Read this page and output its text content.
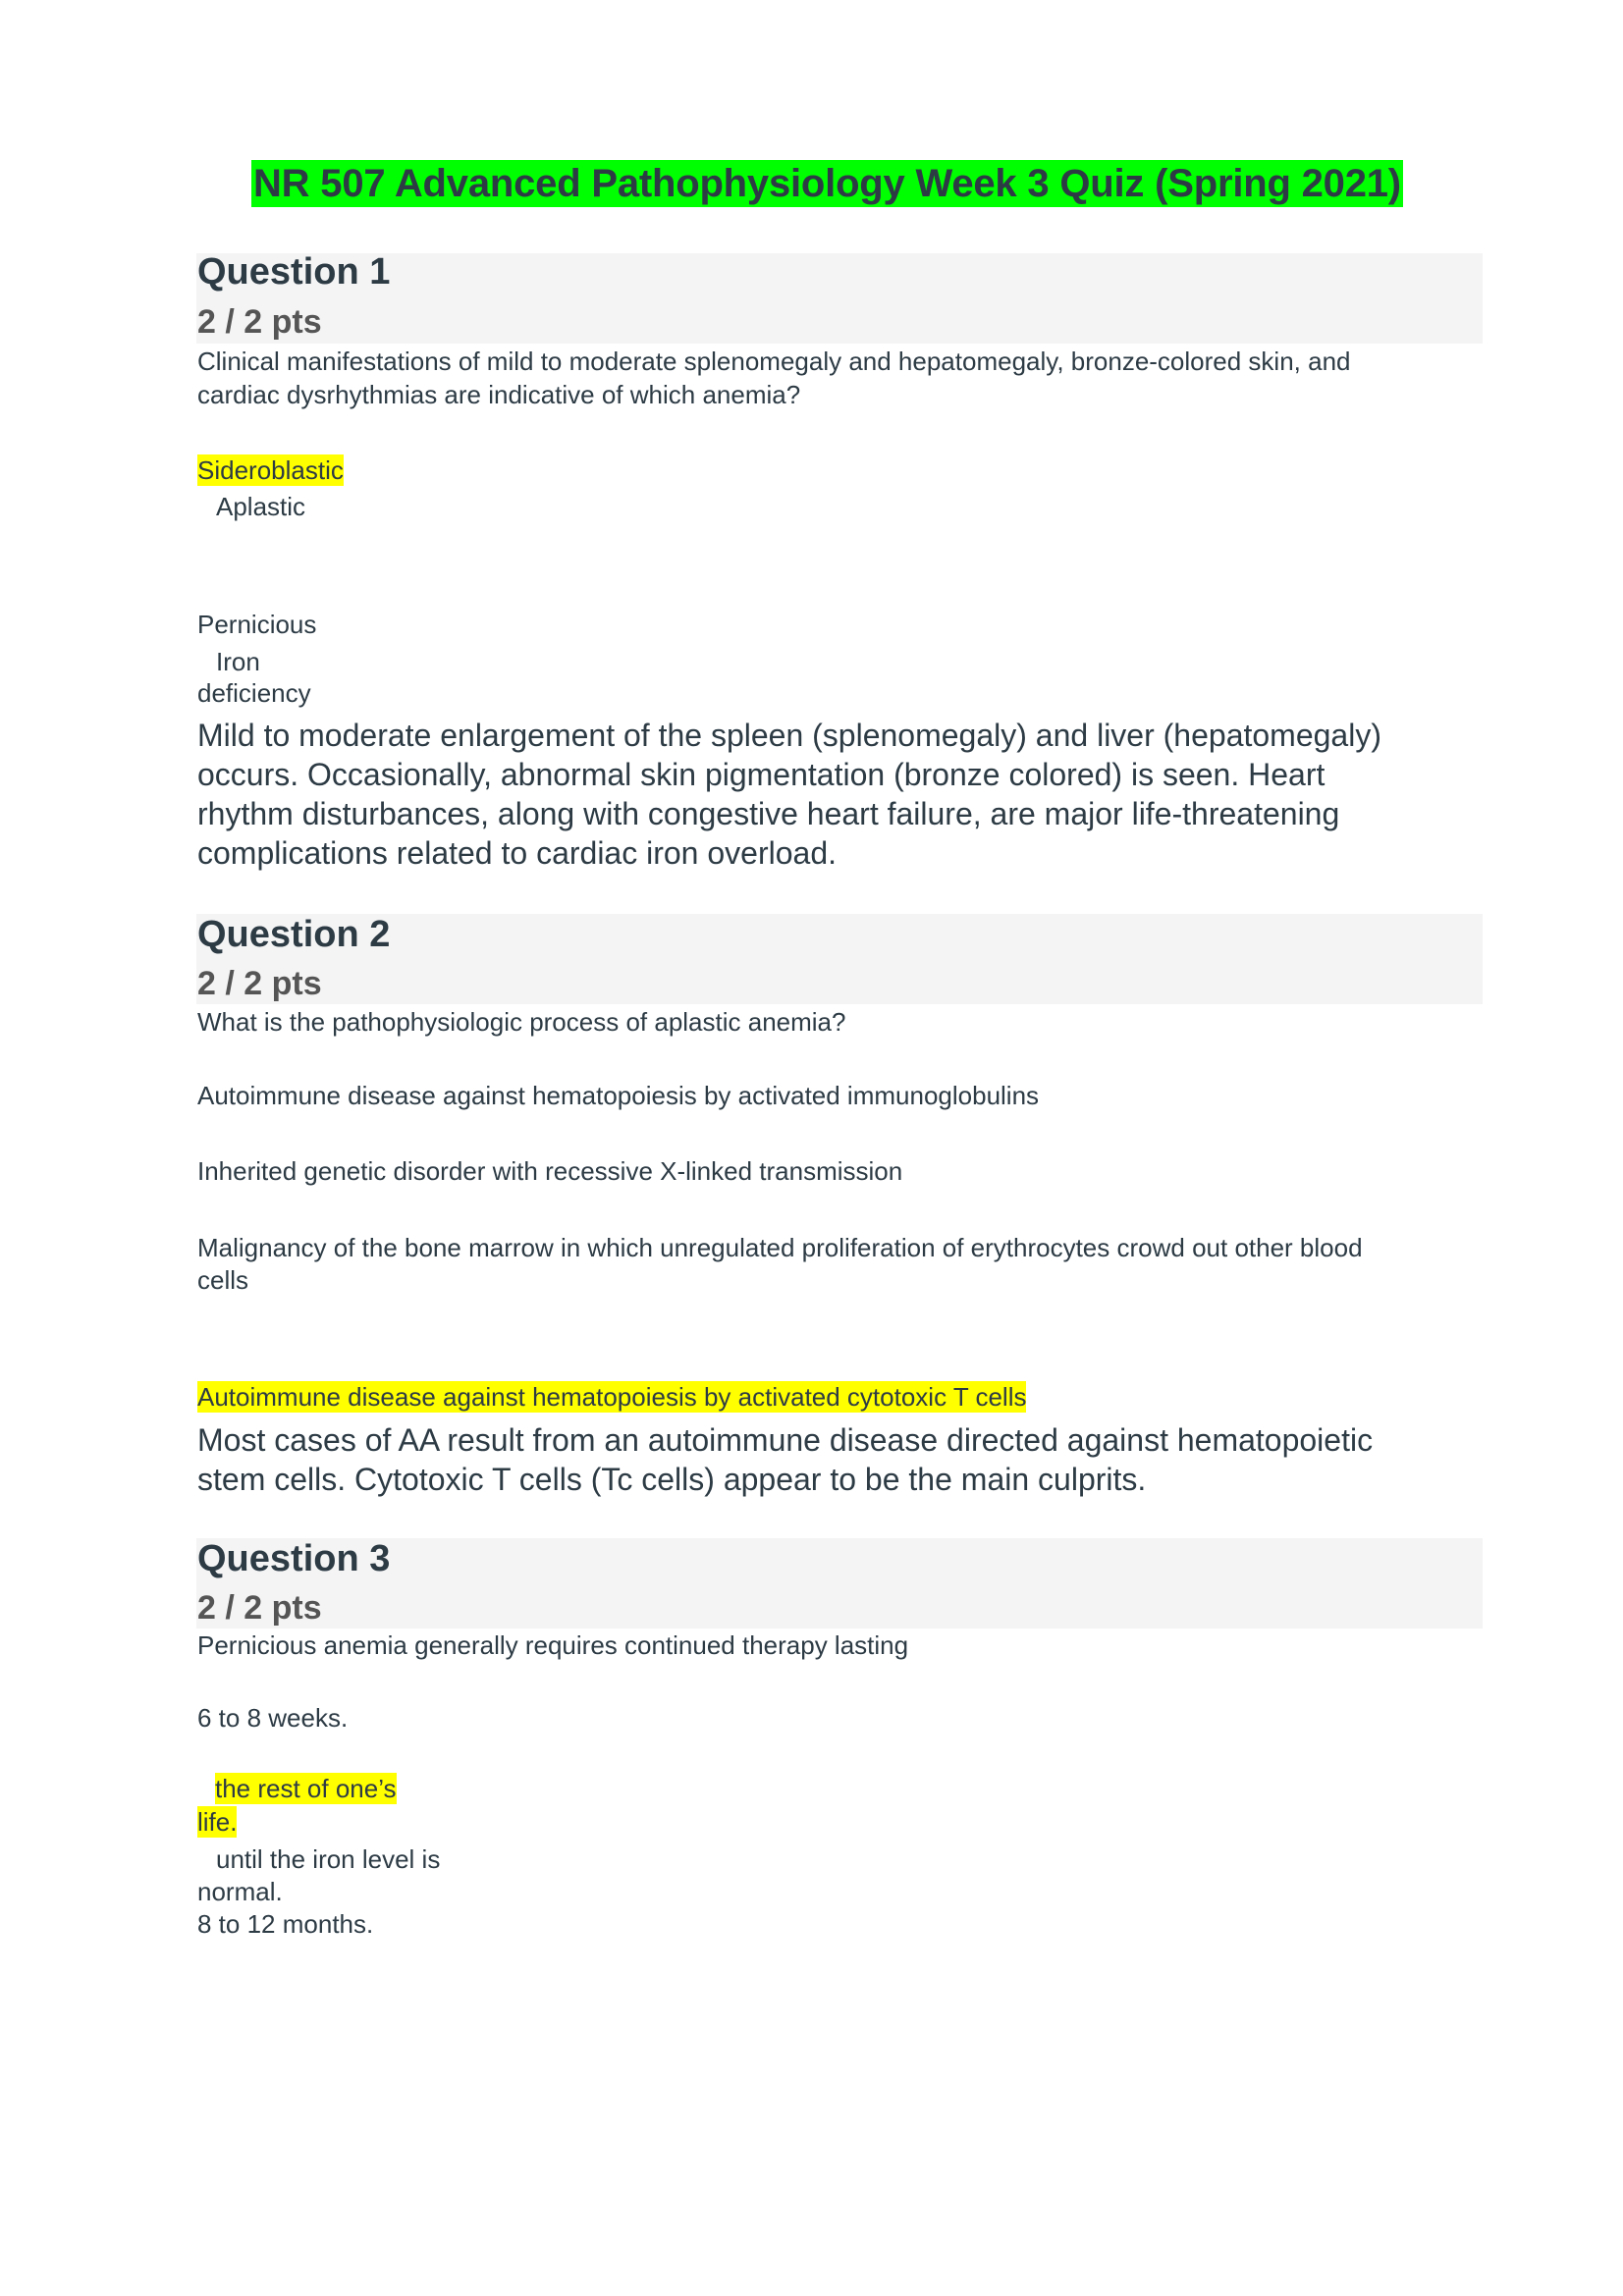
NR 507 Advanced Pathophysiology Week 3 Quiz (Spring 2021)
Question 1
2 / 2 pts
Clinical manifestations of mild to moderate splenomegaly and hepatomegaly, bronze-colored skin, and
cardiac dysrhythmias are indicative of which anemia?
Sideroblastic
Aplastic
Pernicious
Iron
deficiency
Mild to moderate enlargement of the spleen (splenomegaly) and liver (hepatomegaly)
occurs. Occasionally, abnormal skin pigmentation (bronze colored) is seen. Heart
rhythm disturbances, along with congestive heart failure, are major life-threatening
complications related to cardiac iron overload.
Question 2
2 / 2 pts
What is the pathophysiologic process of aplastic anemia?
Autoimmune disease against hematopoiesis by activated immunoglobulins
Inherited genetic disorder with recessive X-linked transmission
Malignancy of the bone marrow in which unregulated proliferation of erythrocytes crowd out other blood
cells
Autoimmune disease against hematopoiesis by activated cytotoxic T cells
Most cases of AA result from an autoimmune disease directed against hematopoietic
stem cells. Cytotoxic T cells (Tc cells) appear to be the main culprits.
Question 3
2 / 2 pts
Pernicious anemia generally requires continued therapy lasting
6 to 8 weeks.
the rest of one’s
life.
until the iron level is
normal.
8 to 12 months.
